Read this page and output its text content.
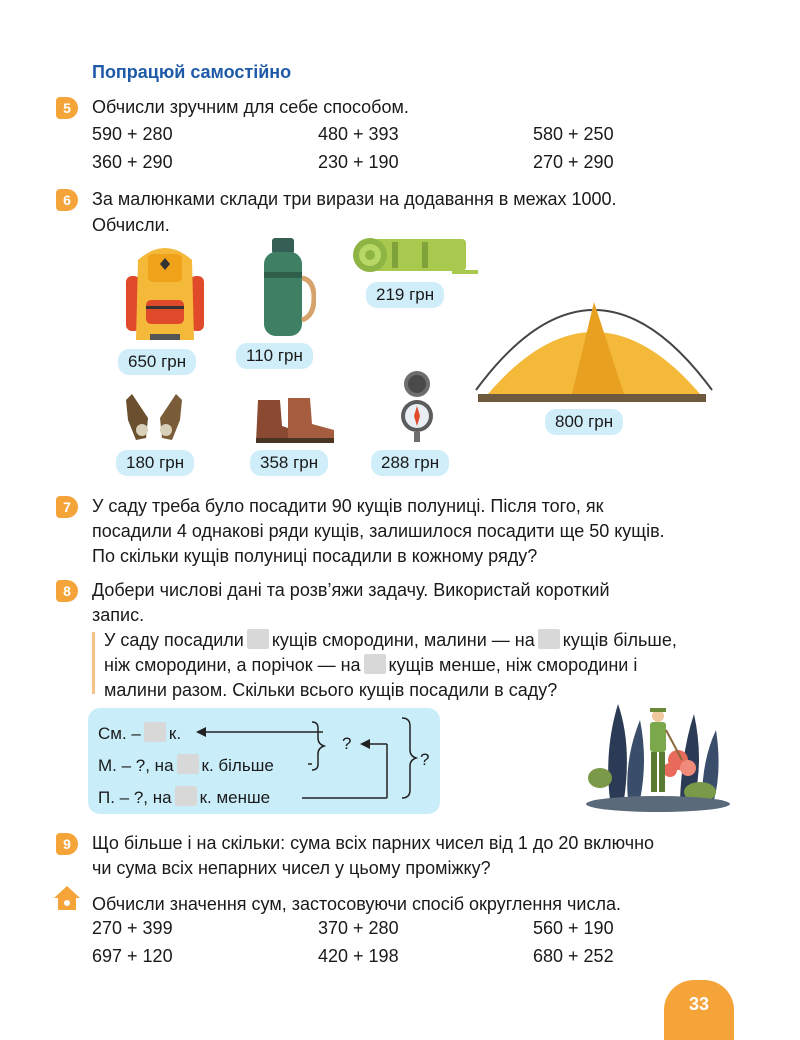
Попрацюй самостійно
5	Обчисли зручним для себе способом.
590 + 280	480 + 393	580 + 250
360 + 290	230 + 190	270 + 290
6	За малюнками склади три вирази на додавання в межах 1000.
Обчисли.
650 грн	110 грн
219 грн
800 грн
180 грн	358 грн	288 грн
7	У саду треба було посадити 90 кущів полуниці. Після того, як
посадили 4 однакові ряди кущів, залишилося посадити ще 50 кущів.
По скільки кущів полуниці посадили в кожному ряду?
8	Добери числові дані та розв’яжи задачу. Використай короткий
запис.
У саду посадили кущів смородини, малини — на кущів більше,
ніж смородини, а порічок — на кущів менше, ніж смородини і
малини разом. Скільки всього кущів посадили в саду?
См. – к.
М. – ?, на к. більше
П. – ?, на к. менше
?
?
9	Що більше і на скільки: сума всіх парних чисел від 1 до 20 включно
чи сума всіх непарних чисел у цьому проміжку?
Обчисли значення сум, застосовуючи спосіб округлення числа.
270 + 399	370 + 280	560 + 190
697 + 120	420 + 198	680 + 252
33
